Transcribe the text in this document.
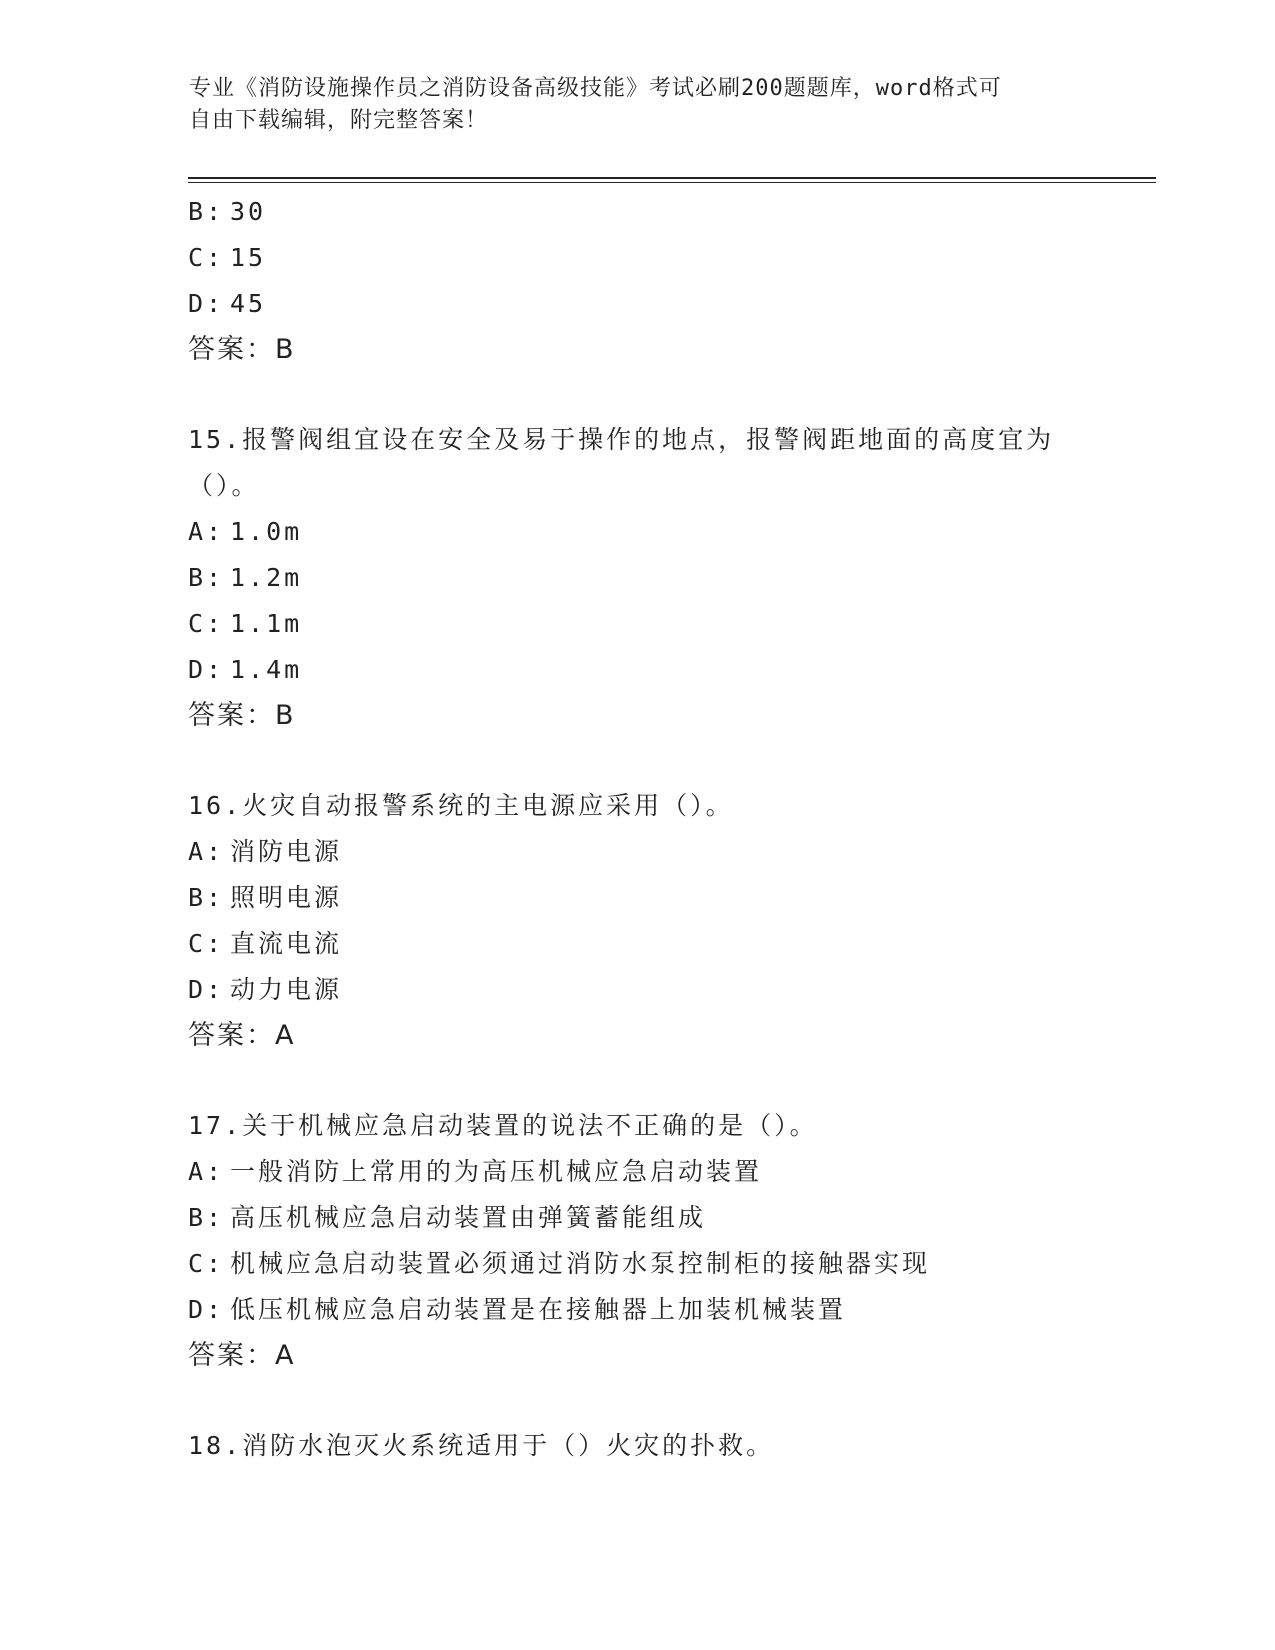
专业《消防设施操作员之消防设备高级技能》考试必刷200题题库，word格式可
自由下载编辑，附完整答案！
B: 30
C: 15
D: 45
答案：B
15.报警阀组宜设在安全及易于操作的地点，报警阀距地面的高度宜为
（）。
A: 1.0m
B: 1.2m
C: 1.1m
D: 1.4m
答案：B
16.火灾自动报警系统的主电源应采用（）。
A: 消防电源
B: 照明电源
C: 直流电流
D: 动力电源
答案：A
17.关于机械应急启动装置的说法不正确的是（）。
A: 一般消防上常用的为高压机械应急启动装置
B: 高压机械应急启动装置由弹簧蓄能组成
C: 机械应急启动装置必须通过消防水泵控制柜的接触器实现
D: 低压机械应急启动装置是在接触器上加装机械装置
答案：A
18.消防水泡灭火系统适用于（）火灾的扑救。
